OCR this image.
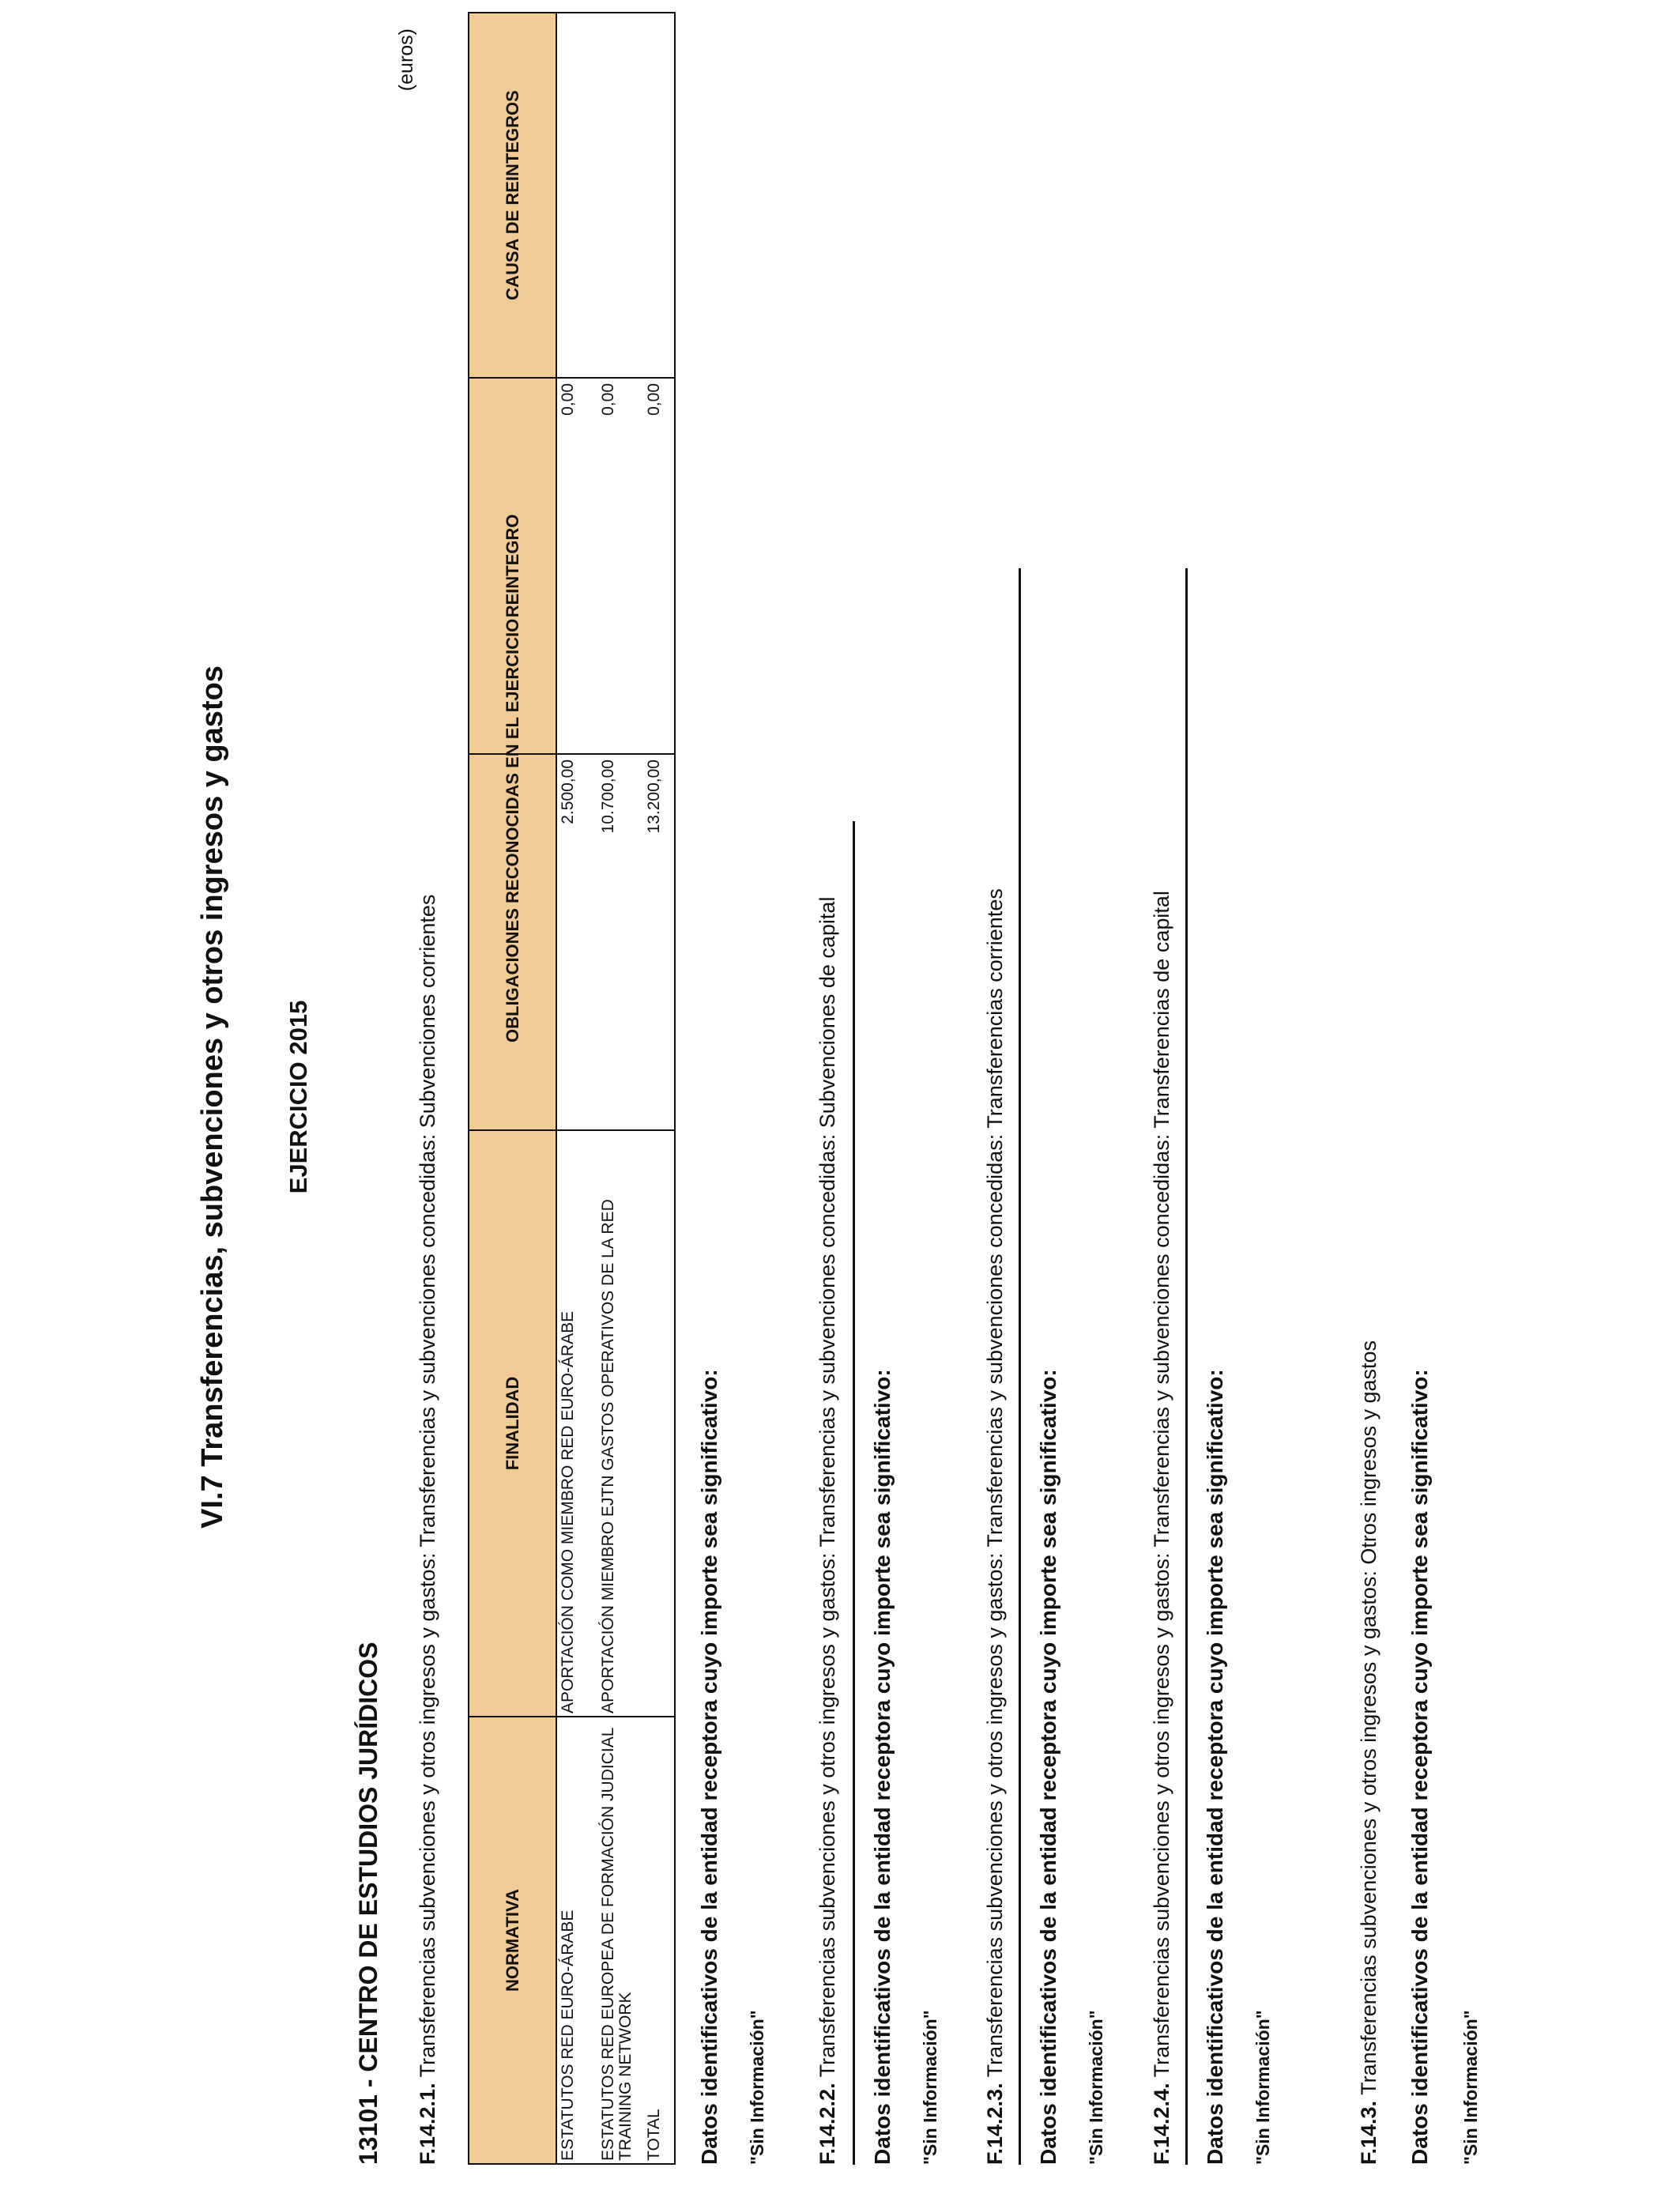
(euros)
VI.7 Transferencias, subvenciones y otros ingresos y gastos EJERCICIO 2015
13101 - CENTRO DE ESTUDIOS JURÍDICOS F.14.2.1. Transferencias subvenciones y otros ingresos y gastos: Transferencias y subvenciones concedidas: Subvenciones corrientes	NORMATIVA	FINALIDAD	OBLIGACIONES RECONOCIDAS EN EL EJERCICIO	REINTEGRO	CAUSA DE REINTEGROS
ESTATUTOS RED EURO-ÁRABE	APORTACIÓN COMO MIEMBRO RED EURO-ÁRABE	2.500,00	0,00	
ESTATUTOS RED EUROPEA DE FORMACIÓN JUDICIAL TRAINING NETWORK	APORTACIÓN MIEMBRO EJTN GASTOS OPERATIVOS DE LA RED	10.700,00	0,00	
TOTAL		13.200,00	0,00	
Datos identificativos de la entidad receptora cuyo importe sea significativo: "Sin Información" F.14.2.2. Transferencias subvenciones y otros ingresos y gastos: Transferencias y subvenciones concedidas: Subvenciones de capital Datos identificativos de la entidad receptora cuyo importe sea significativo: "Sin Información" F.14.2.3. Transferencias subvenciones y otros ingresos y gastos: Transferencias y subvenciones concedidas: Transferencias corrientes Datos identificativos de la entidad receptora cuyo importe sea significativo: "Sin Información" F.14.2.4. Transferencias subvenciones y otros ingresos y gastos: Transferencias y subvenciones concedidas: Transferencias de capital Datos identificativos de la entidad receptora cuyo importe sea significativo: "Sin Información"	F.14.3. Transferencias subvenciones y otros ingresos y gastos: Otros ingresos y gastos Datos identificativos de la entidad receptora cuyo importe sea significativo: "Sin Información"
